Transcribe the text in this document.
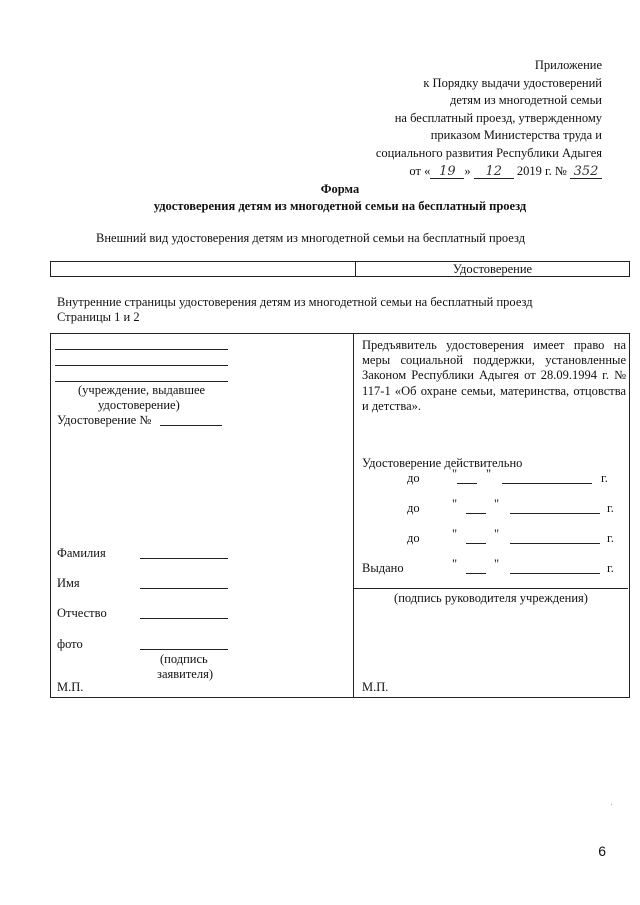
Приложение
к Порядку выдачи удостоверений
детям из многодетной семьи
на бесплатный проезд, утвержденному
приказом Министерства труда и
социального развития Республики Адыгея
от « 19 » 12 2019 г. № 352
Форма
удостоверения детям из многодетной семьи на бесплатный проезд
Внешний вид удостоверения детям из многодетной семьи на бесплатный проезд
Удостоверение
Внутренние страницы удостоверения детям из многодетной семьи на бесплатный проезд
Страницы 1 и 2
(учреждение, выдавшее
удостоверение)
Удостоверение №
Фамилия
Имя
Отчество
фото
(подпись
заявителя)
М.П.
Предъявитель удостоверения имеет право на меры социальной поддержки, установленные Законом Республики Адыгея от 28.09.1994 г. № 117-1 «Об охране семьи, материнства, отцовства и детства».
Удостоверение действительно
до	" "	г.
до	"	"	г.
до	"	"	г.
Выдано	"	"	г.
(подпись руководителя учреждения)
М.П.
6
